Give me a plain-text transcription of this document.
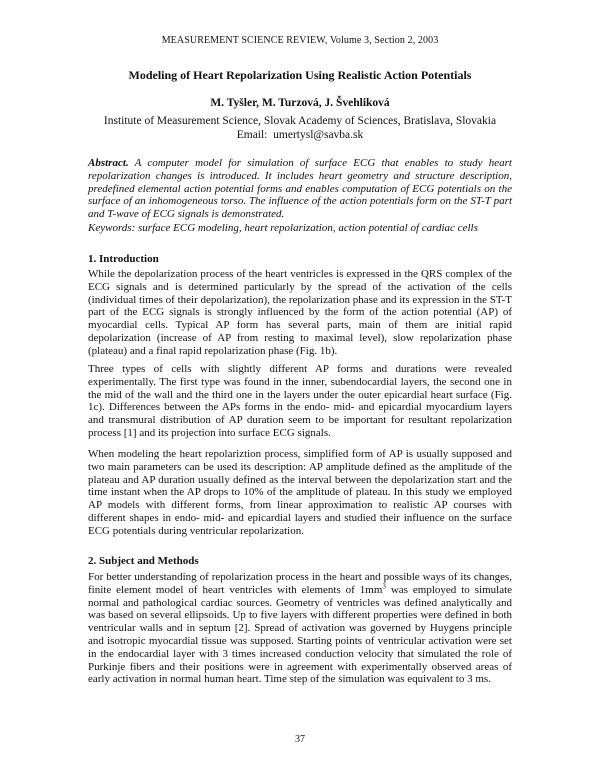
MEASUREMENT SCIENCE REVIEW, Volume 3, Section 2, 2003
Modeling of Heart Repolarization Using Realistic Action Potentials
M. Tyšler, M. Turzová, J. Švehliková
Institute of Measurement Science, Slovak Academy of Sciences, Bratislava, Slovakia
Email: umertysl@savba.sk
Abstract. A computer model for simulation of surface ECG that enables to study heart repolarization changes is introduced. It includes heart geometry and structure description, predefined elemental action potential forms and enables computation of ECG potentials on the surface of an inhomogeneous torso. The influence of the action potentials form on the ST-T part and T-wave of ECG signals is demonstrated.
Keywords: surface ECG modeling, heart repolarization, action potential of cardiac cells
1. Introduction
While the depolarization process of the heart ventricles is expressed in the QRS complex of the ECG signals and is determined particularly by the spread of the activation of the cells (individual times of their depolarization), the repolarization phase and its expression in the ST-T part of the ECG signals is strongly influenced by the form of the action potential (AP) of myocardial cells. Typical AP form has several parts, main of them are initial rapid depolarization (increase of AP from resting to maximal level), slow repolarization phase (plateau) and a final rapid repolarization phase (Fig. 1b).
Three types of cells with slightly different AP forms and durations were revealed experimentally. The first type was found in the inner, subendocardial layers, the second one in the mid of the wall and the third one in the layers under the outer epicardial heart surface (Fig. 1c). Differences between the APs forms in the endo- mid- and epicardial myocardium layers and transmural distribution of AP duration seem to be important for resultant repolarization process [1] and its projection into surface ECG signals.
When modeling the heart repolariztion process, simplified form of AP is usually supposed and two main parameters can be used its description: AP amplitude defined as the amplitude of the plateau and AP duration usually defined as the interval between the depolarization start and the time instant when the AP drops to 10% of the amplitude of plateau. In this study we employed AP models with different forms, from linear approximation to realistic AP courses with different shapes in endo- mid- and epicardial layers and studied their influence on the surface ECG potentials during ventricular repolarization.
2. Subject and Methods
For better understanding of repolarization process in the heart and possible ways of its changes, finite element model of heart ventricles with elements of $1mm^3$ was employed to simulate normal and pathological cardiac sources. Geometry of ventricles was defined analytically and was based on several ellipsoids. Up to five layers with different properties were defined in both ventricular walls and in septum [2]. Spread of activation was governed by Huygens principle and isotropic myocardial tissue was supposed. Starting points of ventricular activation were set in the endocardial layer with 3 times increased conduction velocity that simulated the role of Purkinje fibers and their positions were in agreement with experimentally observed areas of early activation in normal human heart. Time step of the simulation was equivalent to 3 ms.
37
